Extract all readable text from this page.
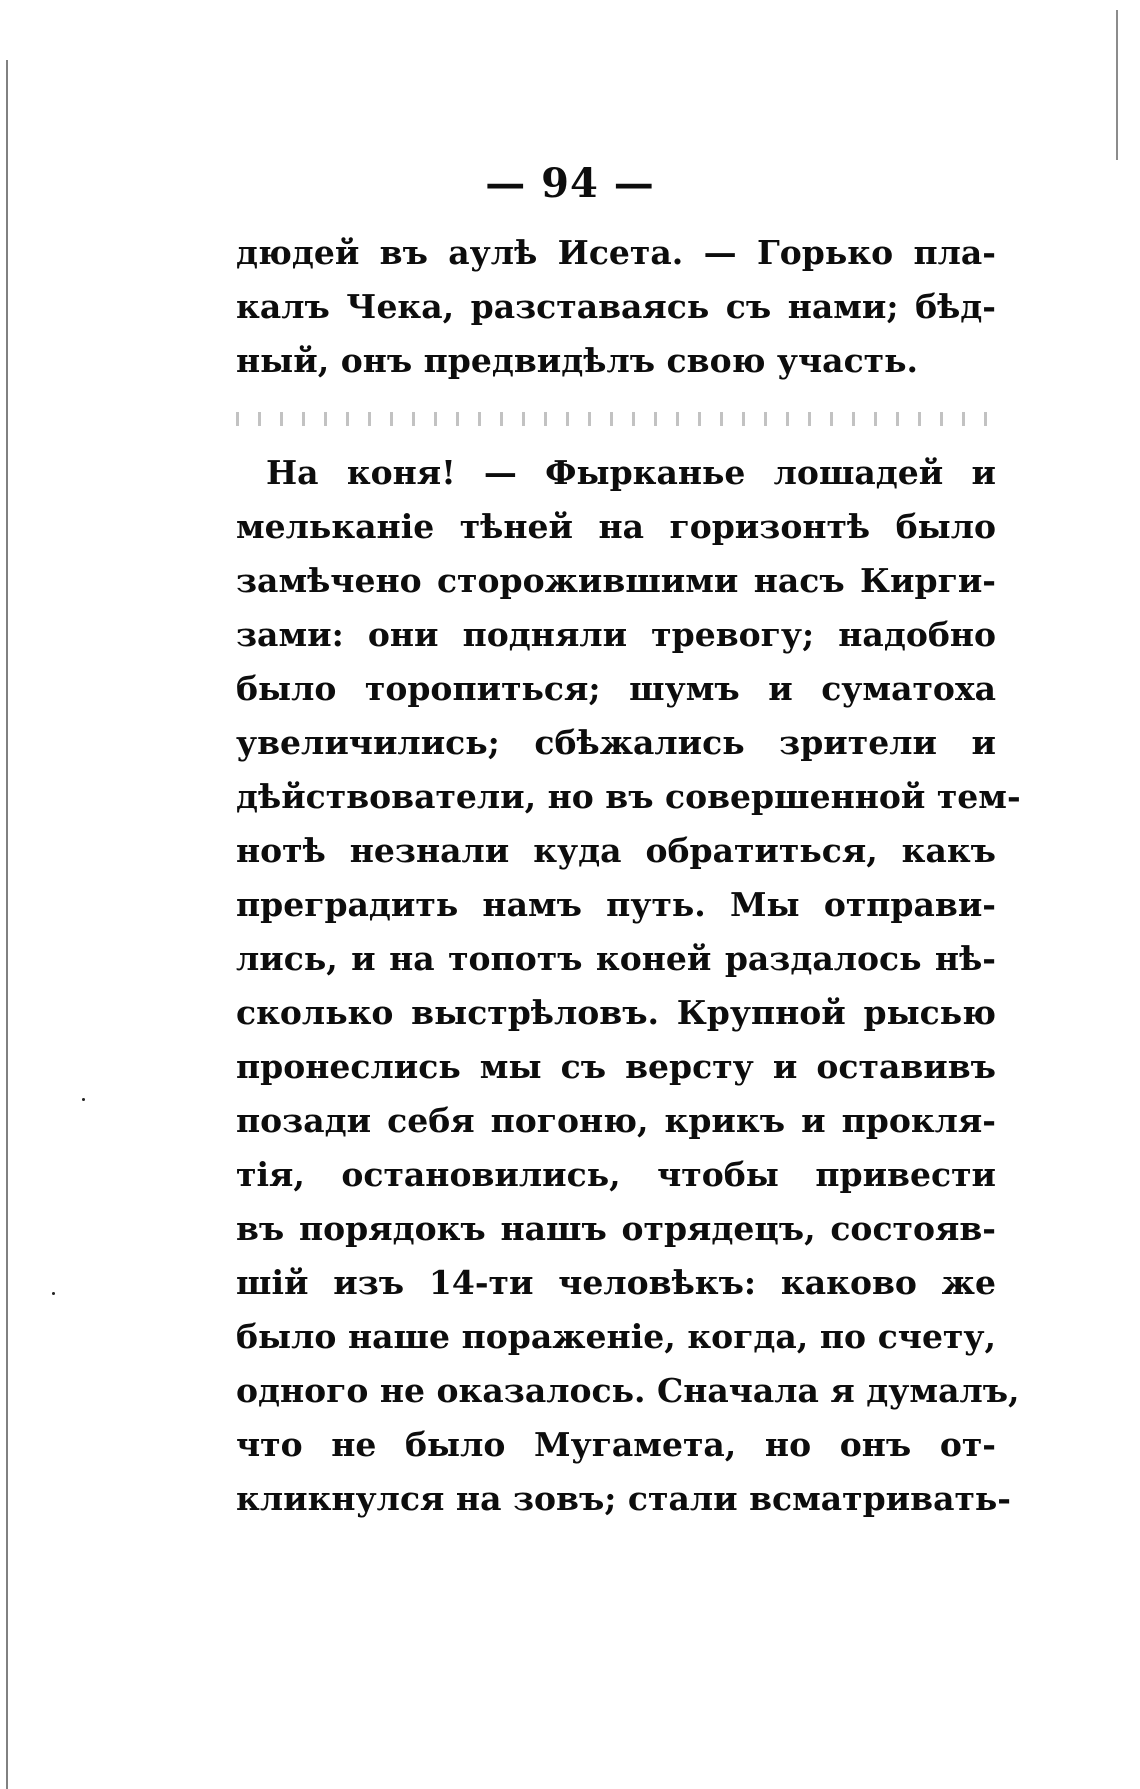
— 94 —
дюдей въ аулѣ Исета. — Горько пла-
калъ Чека, разставаясь съ нами; бѣд-
ный, онъ предвидѣлъ свою участь.
На коня! — Фырканье лошадей и
мельканіе тѣней на горизонтѣ было
замѣчено сторожившими насъ Кирги-
зами: они подняли тревогу; надобно
было торопиться; шумъ и суматоха
увеличились; сбѣжались зрители и
дѣйствователи, но въ совершенной тем-
нотѣ незнали куда обратиться, какъ
преградить намъ путь. Мы отправи-
лись, и на топотъ коней раздалось нѣ-
сколько выстрѣловъ. Крупной рысью
пронеслись мы съ версту и оставивъ
позади себя погоню, крикъ и прокля-
тія, остановились, чтобы привести
въ порядокъ нашъ отрядецъ, состояв-
шій изъ 14-ти человѣкъ: каково же
было наше пораженіе, когда, по счету,
одного не оказалось. Сначала я думалъ,
что не было Мугамета, но онъ от-
кликнулся на зовъ; стали всматривать-
